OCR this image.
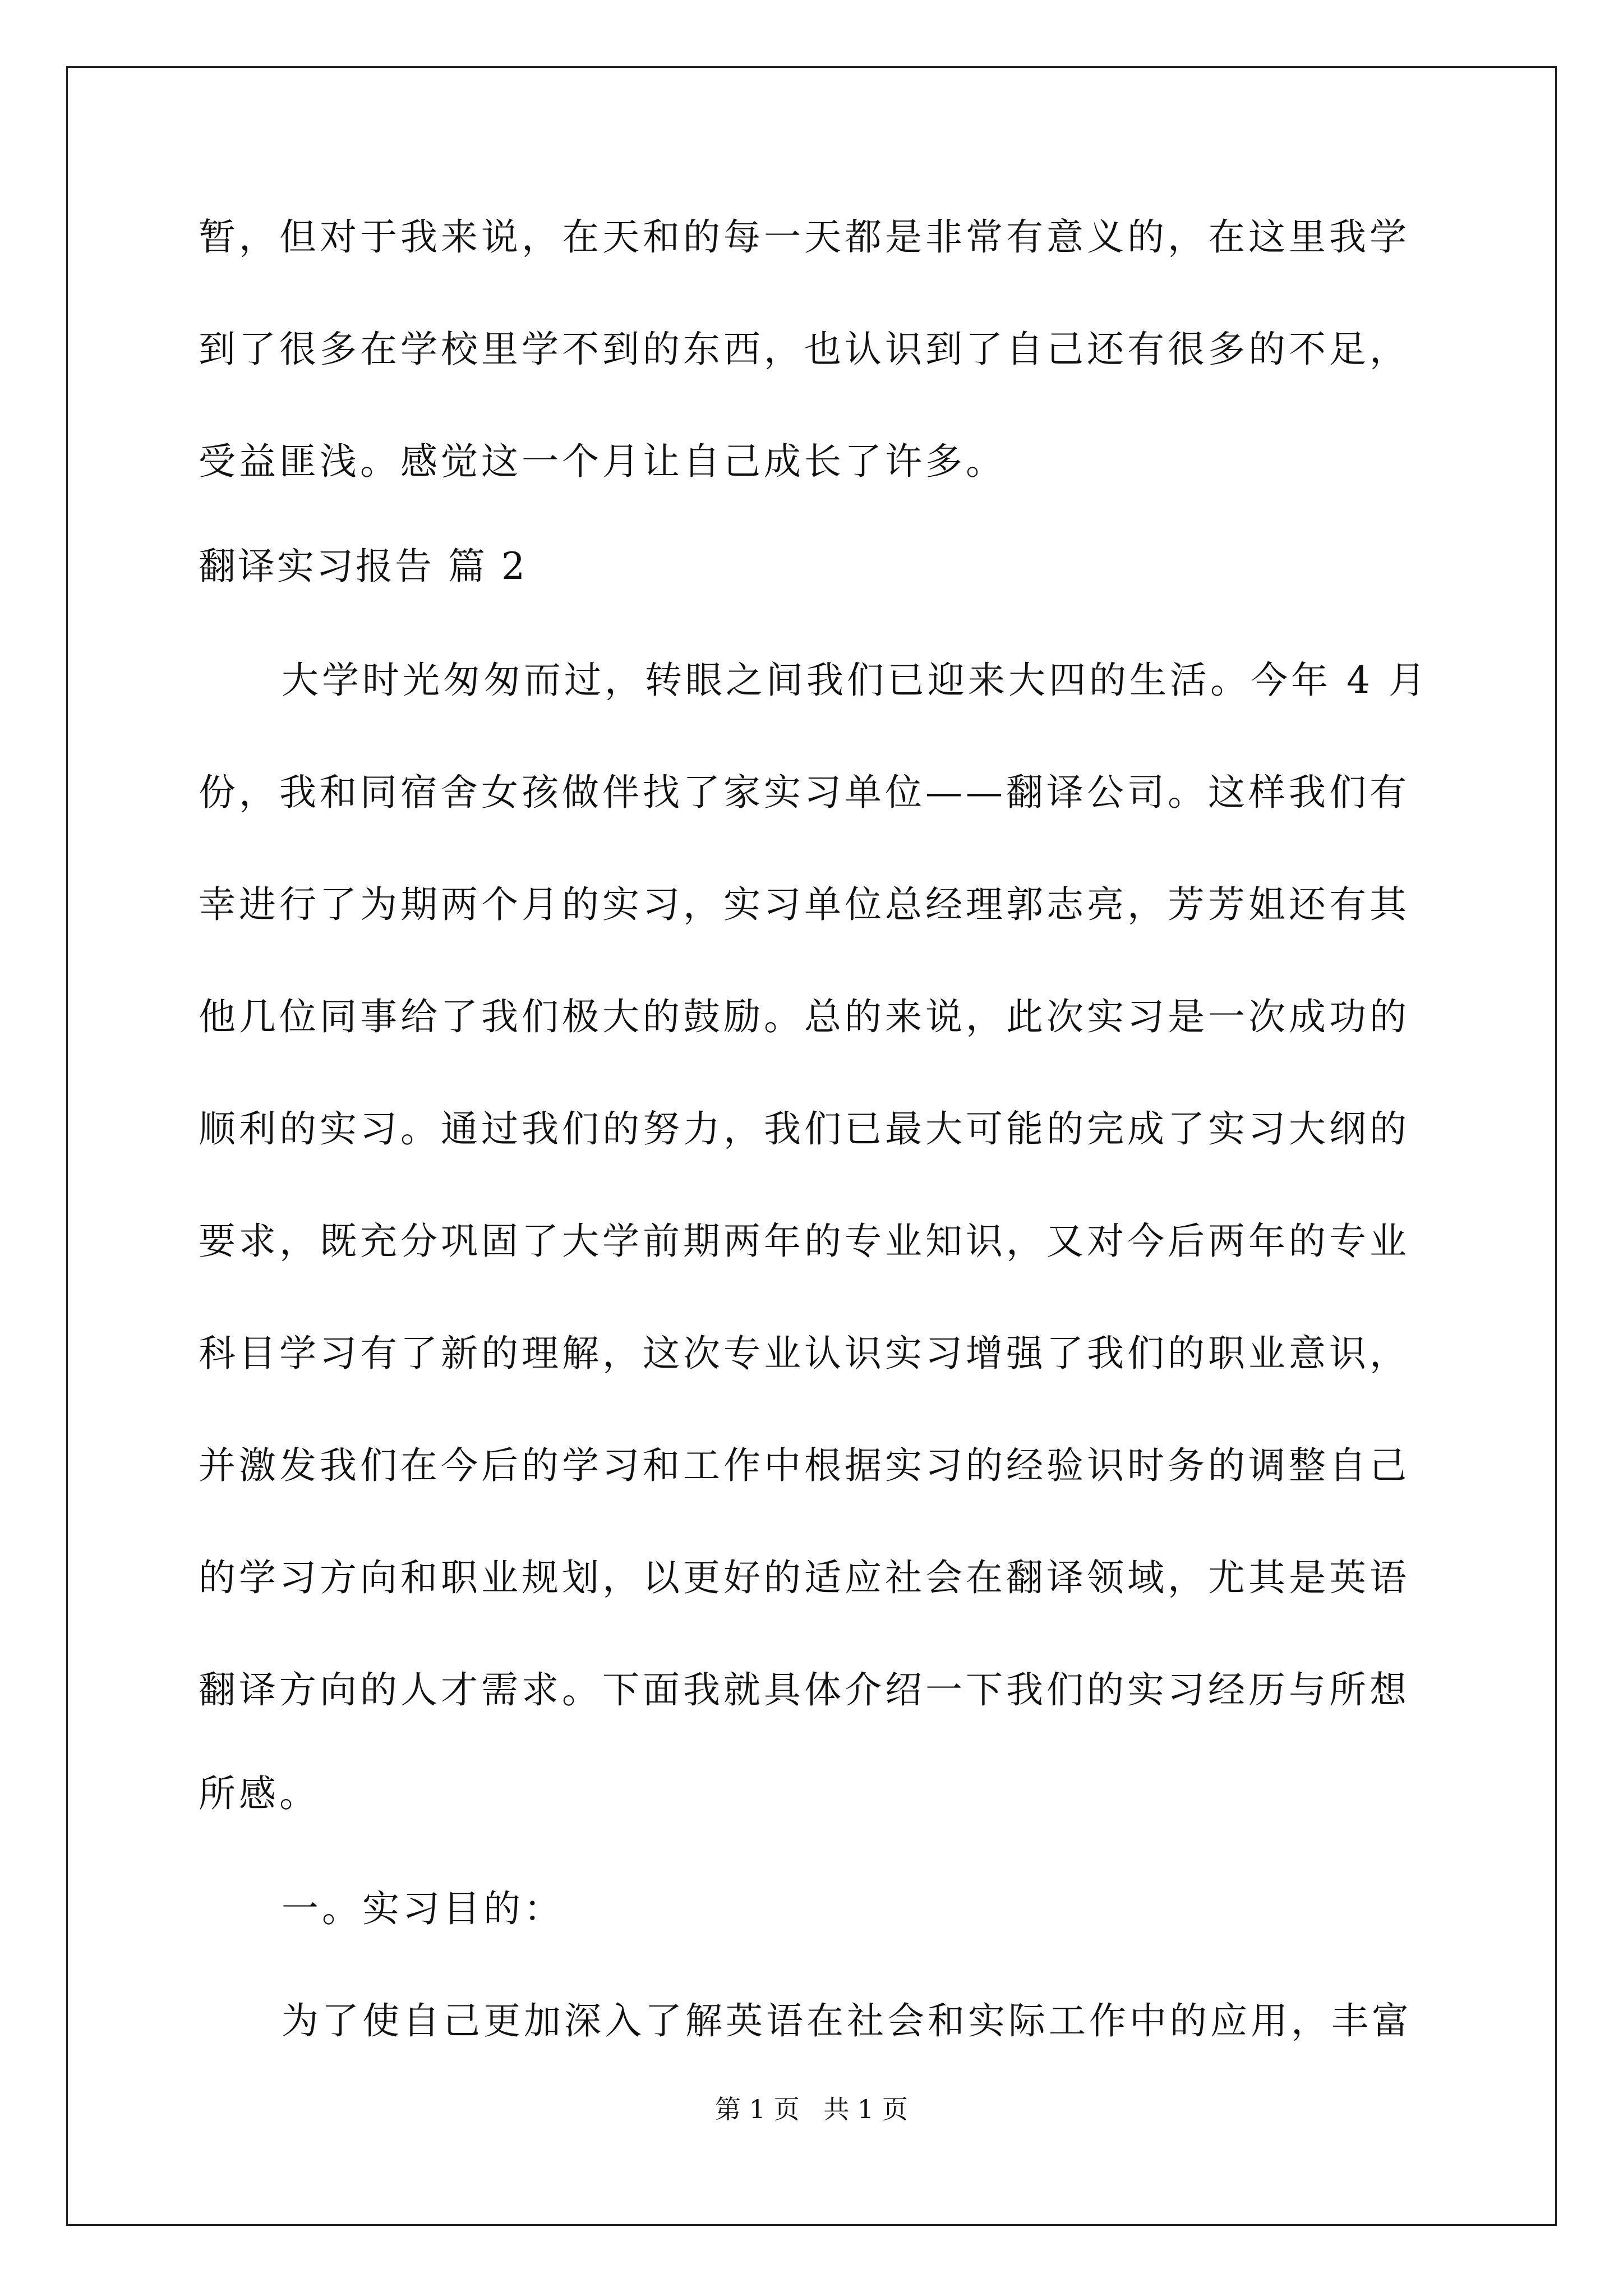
暂，但对于我来说，在天和的每一天都是非常有意义的，在这里我学
到了很多在学校里学不到的东西，也认识到了自己还有很多的不足，
受益匪浅。感觉这一个月让自己成长了许多。
翻译实习报告 篇 2
大学时光匆匆而过，转眼之间我们已迎来大四的生活。今年 4 月
份，我和同宿舍女孩做伴找了家实习单位——翻译公司。这样我们有
幸进行了为期两个月的实习，实习单位总经理郭志亮，芳芳姐还有其
他几位同事给了我们极大的鼓励。总的来说，此次实习是一次成功的
顺利的实习。通过我们的努力，我们已最大可能的完成了实习大纲的
要求，既充分巩固了大学前期两年的专业知识，又对今后两年的专业
科目学习有了新的理解，这次专业认识实习增强了我们的职业意识，
并激发我们在今后的学习和工作中根据实习的经验识时务的调整自己
的学习方向和职业规划，以更好的适应社会在翻译领域，尤其是英语
翻译方向的人才需求。下面我就具体介绍一下我们的实习经历与所想
所感。
一。实习目的：
为了使自己更加深入了解英语在社会和实际工作中的应用，丰富
第 1 页 共 1 页
